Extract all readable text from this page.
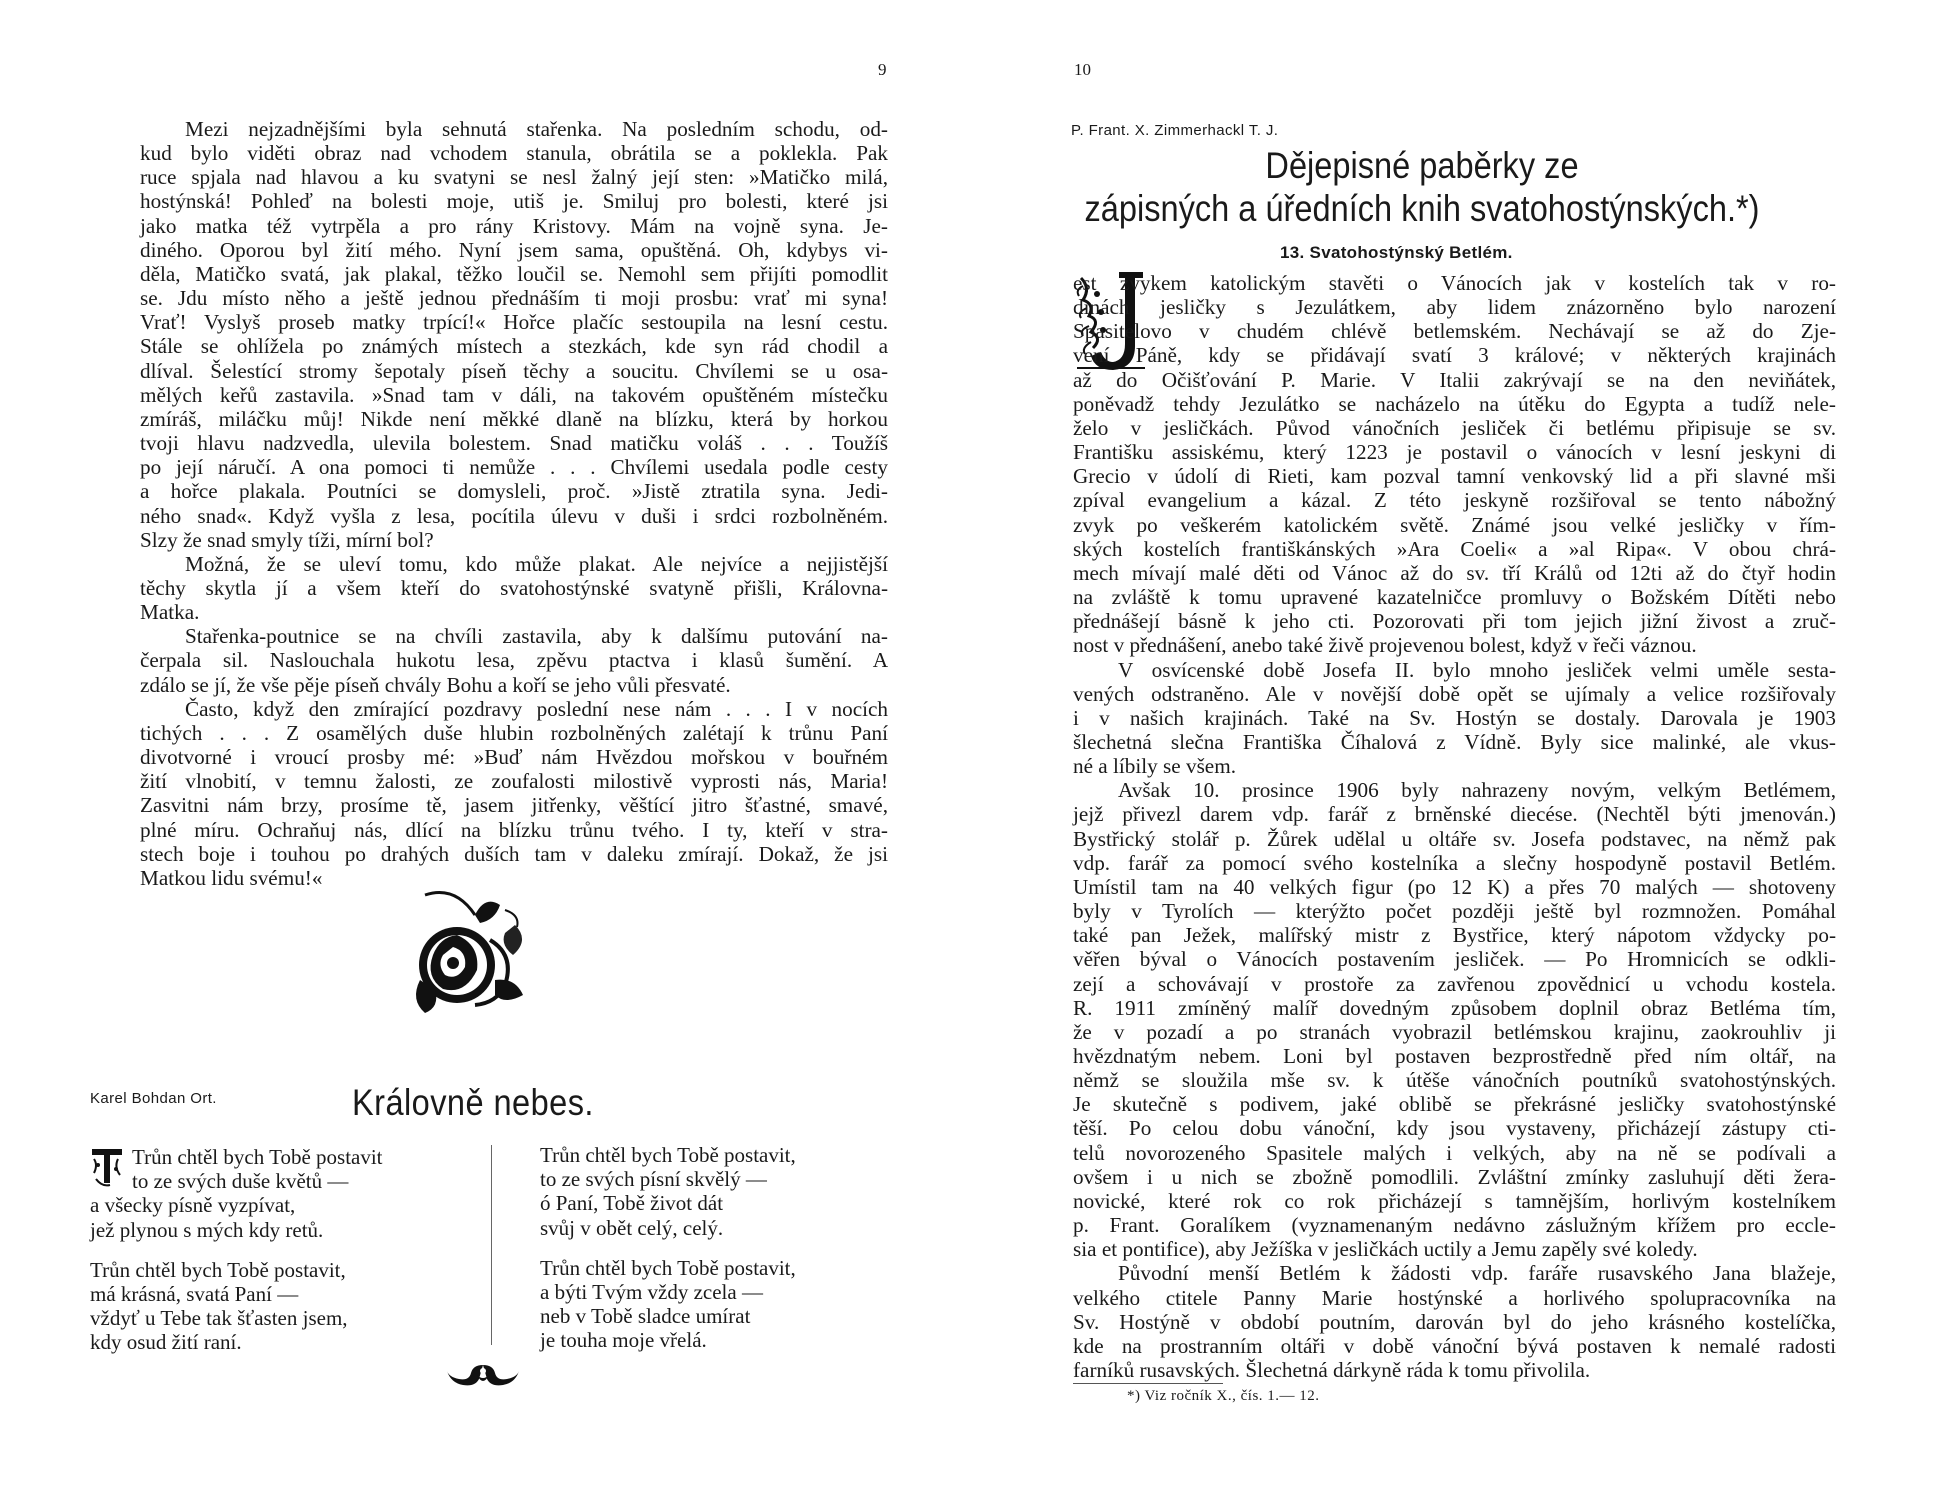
9
Mezi nejzadnějšími byla sehnutá stařenka. Na posledním schodu, od-
kud bylo viděti obraz nad vchodem stanula, obrátila se a poklekla. Pak
ruce spjala nad hlavou a ku svatyni se nesl žalný její sten: »Matičko milá,
hostýnská! Pohleď na bolesti moje, utiš je. Smiluj pro bolesti, které jsi
jako matka též vytrpěla a pro rány Kristovy. Mám na vojně syna. Je-
diného. Oporou byl žití mého. Nyní jsem sama, opuštěná. Oh, kdybys vi-
děla, Matičko svatá, jak plakal, těžko loučil se. Nemohl sem přijíti pomodlit
se. Jdu místo něho a ještě jednou přednáším ti moji prosbu: vrať mi syna!
Vrať! Vyslyš proseb matky trpící!« Hořce plačíc sestoupila na lesní cestu.
Stále se ohlížela po známých místech a stezkách, kde syn rád chodil a
dlíval. Šelestící stromy šepotaly píseň těchy a soucitu. Chvílemi se u osa-
mělých keřů zastavila. »Snad tam v dáli, na takovém opuštěném místečku
zmíráš, miláčku můj! Nikde není měkké dlaně na blízku, která by horkou
tvoji hlavu nadzvedla, ulevila bolestem. Snad matičku voláš . . . Toužíš
po její náručí. A ona pomoci ti nemůže . . . Chvílemi usedala podle cesty
a hořce plakala. Poutníci se domysleli, proč. »Jistě ztratila syna. Jedi-
ného snad«. Když vyšla z lesa, pocítila úlevu v duši i srdci rozbolněném.
Slzy že snad smyly tíži, mírní bol?
Možná, že se uleví tomu, kdo může plakat. Ale nejvíce a nejjistější
těchy skytla jí a všem kteří do svatohostýnské svatyně přišli, Královna-
Matka.
Stařenka-poutnice se na chvíli zastavila, aby k dalšímu putování na-
čerpala sil. Naslouchala hukotu lesa, zpěvu ptactva i klasů šumění. A
zdálo se jí, že vše pěje píseň chvály Bohu a koří se jeho vůli přesvaté.
Často, když den zmírající pozdravy poslední nese nám . . . I v nocích
tichých . . . Z osamělých duše hlubin rozbolněných zalétají k trůnu Paní
divotvorné i vroucí prosby mé: »Buď nám Hvězdou mořskou v bouřném
žití vlnobití, v temnu žalosti, ze zoufalosti milostivě vyprosti nás, Maria!
Zasvitni nám brzy, prosíme tě, jasem jitřenky, věštící jitro šťastné, smavé,
plné míru. Ochraňuj nás, dlící na blízku trůnu tvého. I ty, kteří v stra-
stech boje i touhou po drahých duších tam v daleku zmírají. Dokaž, že jsi
Matkou lidu svému!«
Karel Bohdan Ort.	Královně nebes.
Trůn chtěl bych Tobě postavit
to ze svých duše květů —
a všecky písně vyzpívat,
jež plynou s mých kdy retů.
Trůn chtěl bych Tobě postavit,
má krásná, svatá Paní —
vždyť u Tebe tak šťasten jsem,
kdy osud žití raní.
Trůn chtěl bych Tobě postavit,
to ze svých písní skvělý —
ó Paní, Tobě život dát
svůj v obět celý, celý.
Trůn chtěl bych Tobě postavit,
a býti Tvým vždy zcela —
neb v Tobě sladce umírat
je touha moje vřelá.
10
P. Frant. X. Zimmerhackl T. J.
Dějepisné paběrky ze
zápisných a úředních knih svatohostýnských.*)
13. Svatohostýnský Betlém.
est zvykem katolickým stavěti o Vánocích jak v kostelích tak v ro-
dinách jesličky s Jezulátkem, aby lidem znázorněno bylo narození
Spasitelovo v chudém chlévě betlemském. Nechávají se až do Zje-
vení Páně, kdy se přidávají svatí 3 králové; v některých krajinách
až do Očišťování P. Marie. V Italii zakrývají se na den neviňátek,
poněvadž tehdy Jezulátko se nacházelo na útěku do Egypta a tudíž nele-
želo v jesličkách. Původ vánočních jesliček či betlému připisuje se sv.
Františku assiskému, který 1223 je postavil o vánocích v lesní jeskyni di
Grecio v údolí di Rieti, kam pozval tamní venkovský lid a při slavné mši
zpíval evangelium a kázal. Z této jeskyně rozšiřoval se tento nábožný
zvyk po veškerém katolickém světě. Známé jsou velké jesličky v řím-
ských kostelích františkánských »Ara Coeli« a »al Ripa«. V obou chrá-
mech mívají malé děti od Vánoc až do sv. tří Králů od 12ti až do čtyř hodin
na zvláště k tomu upravené kazatelničce promluvy o Božském Dítěti nebo
přednášejí básně k jeho cti. Pozorovati při tom jejich jižní živost a zruč-
nost v přednášení, anebo také živě projevenou bolest, když v řeči váznou.
V osvícenské době Josefa II. bylo mnoho jesliček velmi uměle sesta-
vených odstraněno. Ale v novější době opět se ujímaly a velice rozšiřovaly
i v našich krajinách. Také na Sv. Hostýn se dostaly. Darovala je 1903
šlechetná slečna Františka Číhalová z Vídně. Byly sice malinké, ale vkus-
né a líbily se všem.
Avšak 10. prosince 1906 byly nahrazeny novým, velkým Betlémem,
jejž přivezl darem vdp. farář z brněnské diecése. (Nechtěl býti jmenován.)
Bystřický stolář p. Žůrek udělal u oltáře sv. Josefa podstavec, na němž pak
vdp. farář za pomocí svého kostelníka a slečny hospodyně postavil Betlém.
Umístil tam na 40 velkých figur (po 12 K) a přes 70 malých — shotoveny
byly v Tyrolích — kterýžto počet později ještě byl rozmnožen. Pomáhal
také pan Ježek, malířský mistr z Bystřice, který nápotom vždycky po-
věřen býval o Vánocích postavením jesliček. — Po Hromnicích se odkli-
zejí a schovávají v prostoře za zavřenou zpovědnicí u vchodu kostela.
R. 1911 zmíněný malíř dovedným způsobem doplnil obraz Betléma tím,
že v pozadí a po stranách vyobrazil betlémskou krajinu, zaokrouhliv ji
hvězdnatým nebem. Loni byl postaven bezprostředně před ním oltář, na
němž se sloužila mše sv. k útěše vánočních poutníků svatohostýnských.
Je skutečně s podivem, jaké oblibě se překrásné jesličky svatohostýnské
těší. Po celou dobu vánoční, kdy jsou vystaveny, přicházejí zástupy cti-
telů novorozeného Spasitele malých i velkých, aby na ně se podívali a
ovšem i u nich se zbožně pomodlili. Zvláštní zmínky zasluhují děti žera-
novické, které rok co rok přicházejí s tamnějším, horlivým kostelníkem
p. Frant. Goralíkem (vyznamenaným nedávno záslužným křížem pro eccle-
sia et pontifice), aby Ježíška v jesličkách uctily a Jemu zapěly své koledy.
Původní menší Betlém k žádosti vdp. faráře rusavského Jana blažeje,
velkého ctitele Panny Marie hostýnské a horlivého spolupracovníka na
Sv. Hostýně v období poutním, darován byl do jeho krásného kostelíčka,
kde na prostranním oltáři v době vánoční bývá postaven k nemalé radosti
farníků rusavských. Šlechetná dárkyně ráda k tomu přivolila.
*) Viz ročník X., čís. 1.— 12.
